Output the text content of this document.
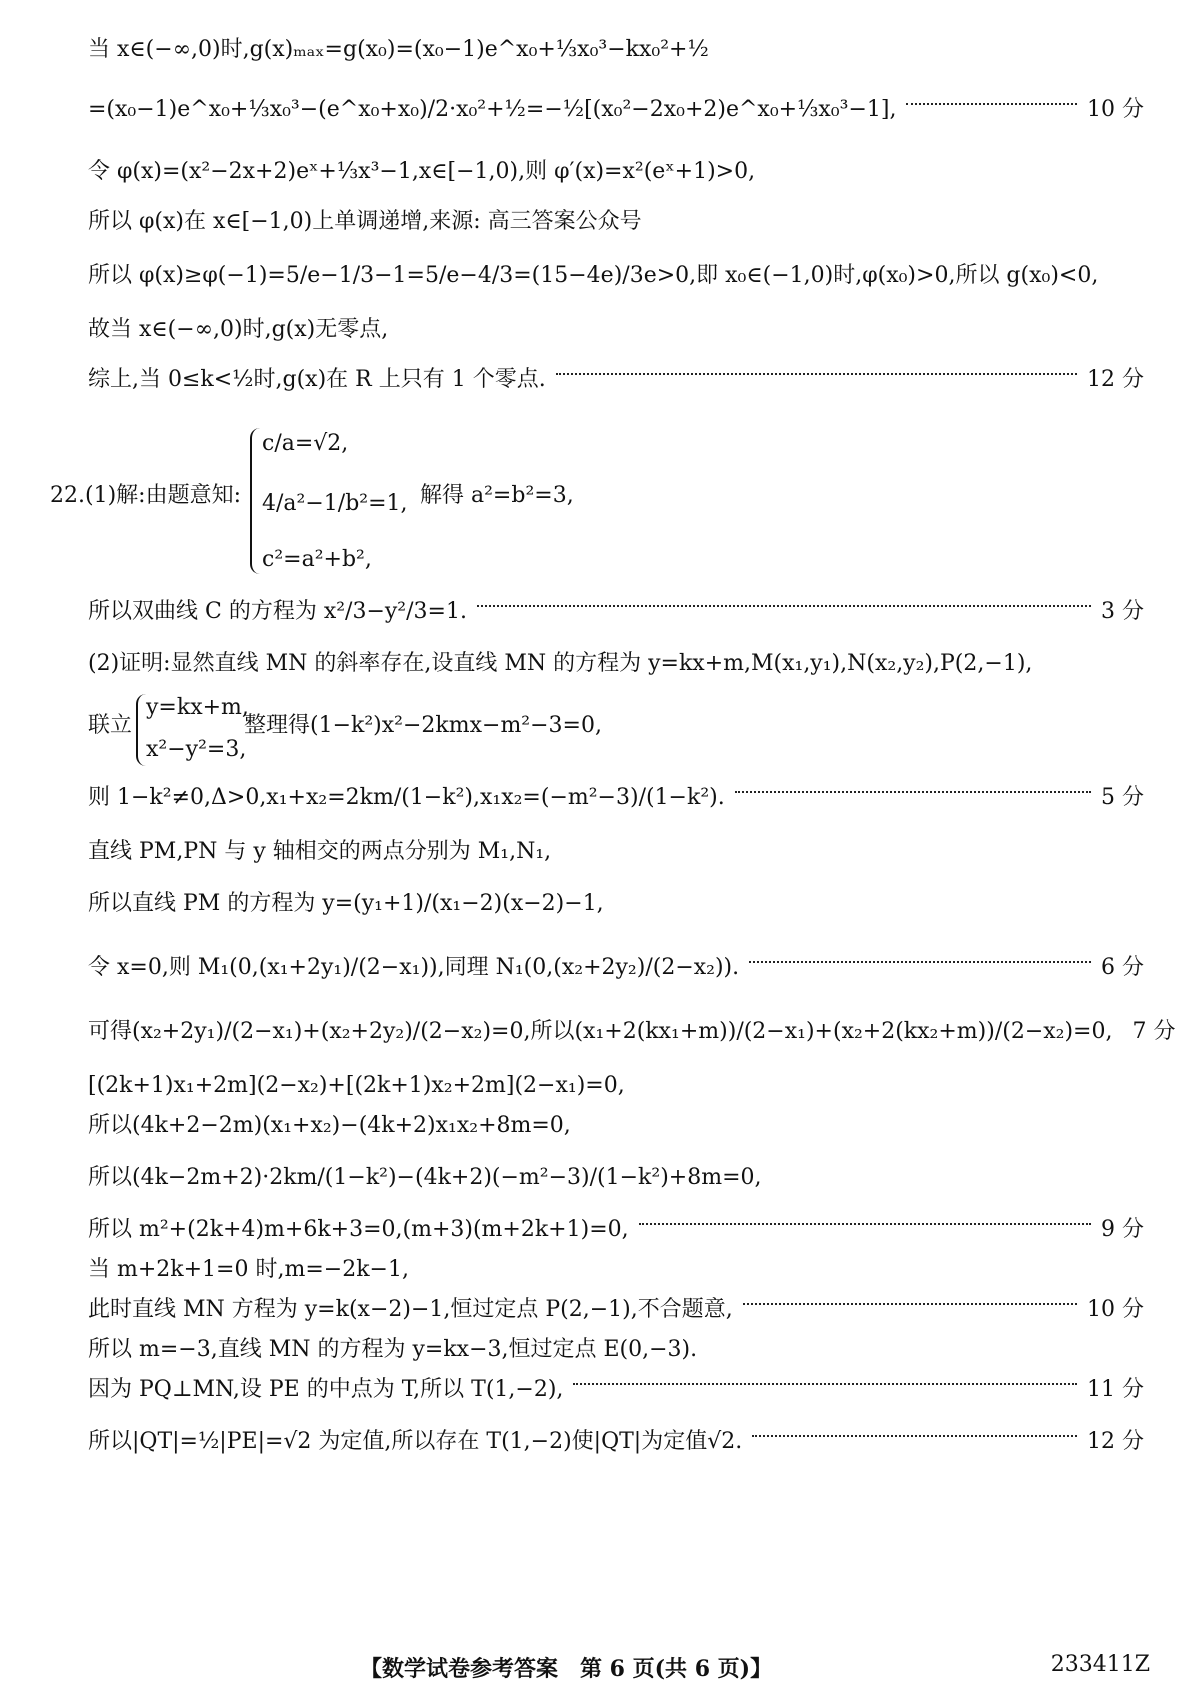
当 x∈(−∞,0)时,g(x)ₘₐₓ=g(x₀)=(x₀−1)e^x₀+⅓x₀³−kx₀²+½
=(x₀−1)e^x₀+⅓x₀³−(e^x₀+x₀)/2·x₀²+½=−½[(x₀²−2x₀+2)e^x₀+⅓x₀³−1],	10 分
令 φ(x)=(x²−2x+2)eˣ+⅓x³−1,x∈[−1,0),则 φ′(x)=x²(eˣ+1)>0,
所以 φ(x)在 x∈[−1,0)上单调递增,来源: 高三答案公众号
所以 φ(x)≥φ(−1)=5/e−1/3−1=5/e−4/3=(15−4e)/3e>0,即 x₀∈(−1,0)时,φ(x₀)>0,所以 g(x₀)<0,
故当 x∈(−∞,0)时,g(x)无零点,
综上,当 0≤k<½时,g(x)在 R 上只有 1 个零点.	12 分
22.(1)解:由题意知:
c/a=√2,
4/a²−1/b²=1,
c²=a²+b²,
解得 a²=b²=3,
所以双曲线 C 的方程为 x²/3−y²/3=1.	3 分
(2)证明:显然直线 MN 的斜率存在,设直线 MN 的方程为 y=kx+m,M(x₁,y₁),N(x₂,y₂),P(2,−1),
联立
y=kx+m,
x²−y²=3,
整理得(1−k²)x²−2kmx−m²−3=0,
则 1−k²≠0,Δ>0,x₁+x₂=2km/(1−k²),x₁x₂=(−m²−3)/(1−k²).	5 分
直线 PM,PN 与 y 轴相交的两点分别为 M₁,N₁,
所以直线 PM 的方程为 y=(y₁+1)/(x₁−2)(x−2)−1,
令 x=0,则 M₁(0,(x₁+2y₁)/(2−x₁)),同理 N₁(0,(x₂+2y₂)/(2−x₂)).	6 分
可得(x₂+2y₁)/(2−x₁)+(x₂+2y₂)/(2−x₂)=0,所以(x₁+2(kx₁+m))/(2−x₁)+(x₂+2(kx₂+m))/(2−x₂)=0, 7 分
[(2k+1)x₁+2m](2−x₂)+[(2k+1)x₂+2m](2−x₁)=0,
所以(4k+2−2m)(x₁+x₂)−(4k+2)x₁x₂+8m=0,
所以(4k−2m+2)·2km/(1−k²)−(4k+2)(−m²−3)/(1−k²)+8m=0,
所以 m²+(2k+4)m+6k+3=0,(m+3)(m+2k+1)=0,	9 分
当 m+2k+1=0 时,m=−2k−1,
此时直线 MN 方程为 y=k(x−2)−1,恒过定点 P(2,−1),不合题意,	10 分
所以 m=−3,直线 MN 的方程为 y=kx−3,恒过定点 E(0,−3).
因为 PQ⊥MN,设 PE 的中点为 T,所以 T(1,−2),	11 分
所以|QT|=½|PE|=√2 为定值,所以存在 T(1,−2)使|QT|为定值√2.	12 分
【数学试卷参考答案　第 6 页(共 6 页)】	233411Z
